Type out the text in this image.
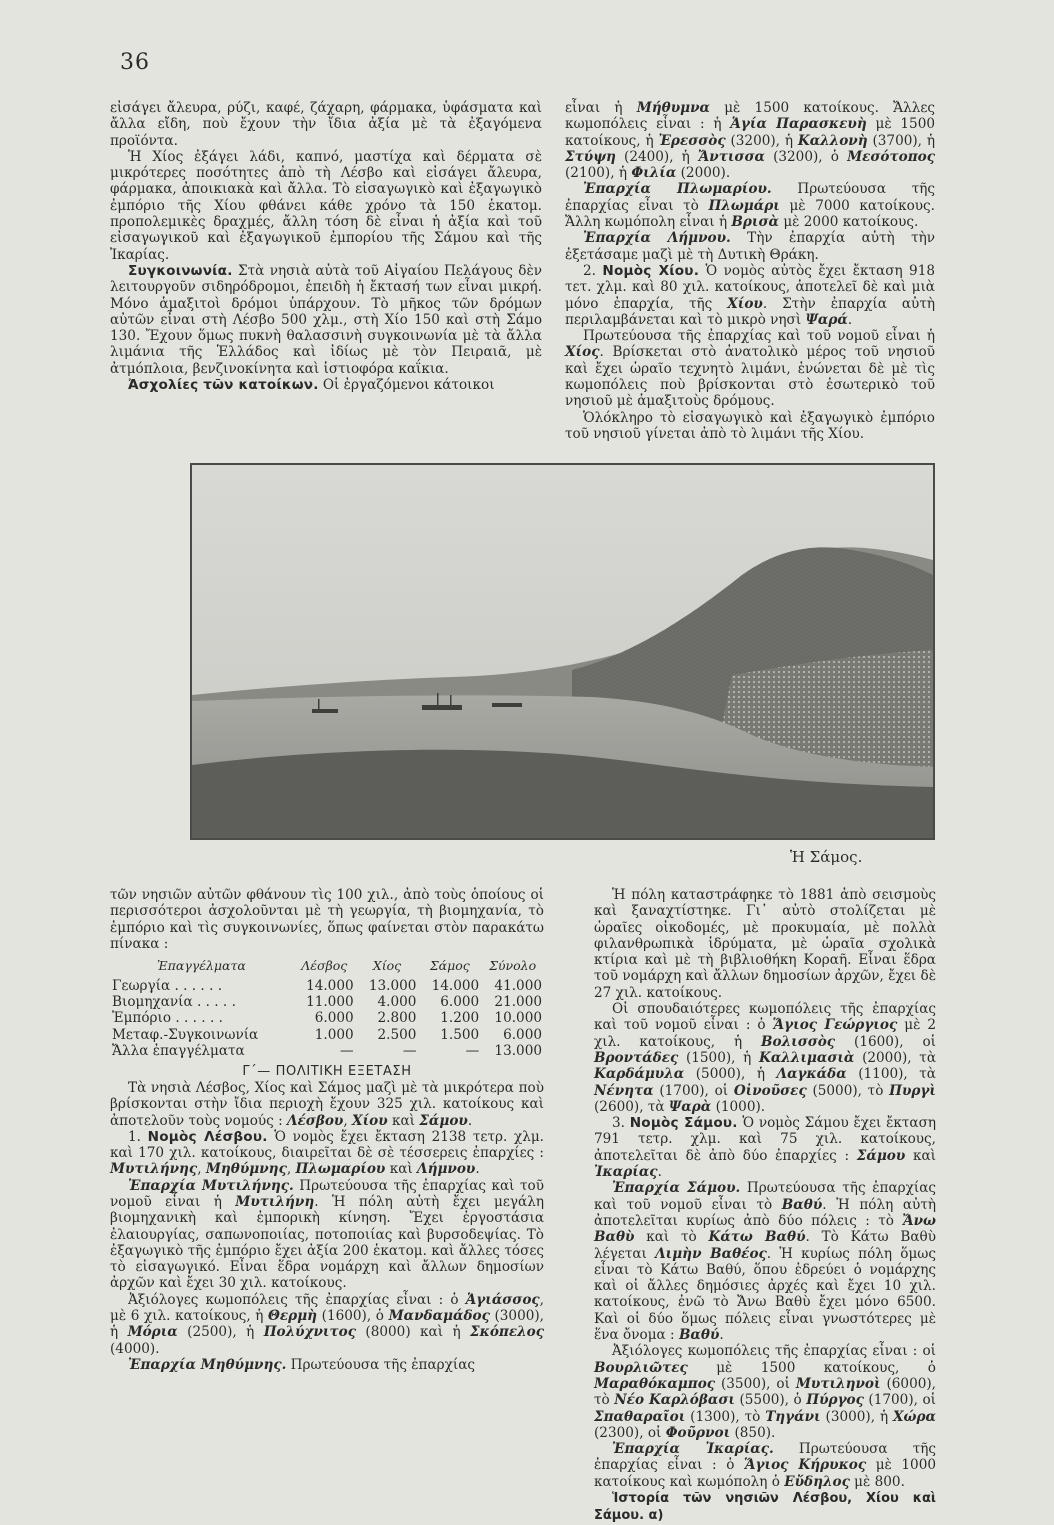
36

εἰσάγει ἄλευρα, ρύζι, καφέ, ζάχαρη, φάρμακα, ὑφάσματα καὶ ἄλλα εἴδη, ποὺ ἔχουν τὴν ἴδια ἀξία μὲ τὰ ἐξαγόμενα προϊόντα.

Ἡ Χίος ἐξάγει λάδι, καπνό, μαστίχα καὶ δέρματα σὲ μικρότερες ποσότητες ἀπὸ τὴ Λέσβο καὶ εἰσάγει ἄλευρα, φάρμακα, ἀποικιακὰ καὶ ἄλλα. Τὸ εἰσαγωγικὸ καὶ ἐξαγωγικὸ ἐμπόριο τῆς Χίου φθάνει κάθε χρόνο τὰ 150 ἑκατομ. προπολεμικὲς δραχμές, ἄλλη τόση δὲ εἶναι ἡ ἀξία καὶ τοῦ εἰσαγωγικοῦ καὶ ἐξαγωγικοῦ ἐμπορίου τῆς Σάμου καὶ τῆς Ἰκαρίας.

Συγκοινωνία. Στὰ νησιὰ αὐτὰ τοῦ Αἰγαίου Πελάγους δὲν λειτουργοῦν σιδηρόδρομοι, ἐπειδὴ ἡ ἔκτασή των εἶναι μικρή. Μόνο ἁμαξιτοὶ δρόμοι ὑπάρχουν. Τὸ μῆκος τῶν δρόμων αὐτῶν εἶναι στὴ Λέσβο 500 χλμ., στὴ Χίο 150 καὶ στὴ Σάμο 130. Ἔχουν ὅμως πυκνὴ θαλασσινὴ συγκοινωνία μὲ τὰ ἄλλα λιμάνια τῆς Ἑλλάδος καὶ ἰδίως μὲ τὸν Πειραιᾶ, μὲ ἀτμόπλοια, βενζινοκίνητα καὶ ἱστιοφόρα καΐκια.

Ἀσχολίες τῶν κατοίκων. Οἱ ἐργαζόμενοι κάτοικοι

εἶναι ἡ Μήθυμνα μὲ 1500 κατοίκους. Ἄλλες κωμοπόλεις εἶναι : ἡ Ἁγία Παρασκευὴ μὲ 1500 κατοίκους, ἡ Ἐρεσσὸς (3200), ἡ Καλλονὴ (3700), ἡ Στύψη (2400), ἡ Ἄντισσα (3200), ὁ Μεσότοπος (2100), ἡ Φιλία (2000).

Ἐπαρχία Πλωμαρίου. Πρωτεύουσα τῆς ἐπαρχίας εἶναι τὸ Πλωμάρι μὲ 7000 κατοίκους. Ἄλλη κωμόπολη εἶναι ἡ Βρισὰ μὲ 2000 κατοίκους.

Ἐπαρχία Λήμνου. Τὴν ἐπαρχία αὐτὴ τὴν ἐξετάσαμε μαζὶ μὲ τὴ Δυτικὴ Θράκη.

2. Νομὸς Χίου. Ὁ νομὸς αὐτὸς ἔχει ἔκταση 918 τετ. χλμ. καὶ 80 χιλ. κατοίκους, ἀποτελεῖ δὲ καὶ μιὰ μόνο ἐπαρχία, τῆς Χίου. Στὴν ἐπαρχία αὐτὴ περιλαμβάνεται καὶ τὸ μικρὸ νησὶ Ψαρά.

Πρωτεύουσα τῆς ἐπαρχίας καὶ τοῦ νομοῦ εἶναι ἡ Χίος. Βρίσκεται στὸ ἀνατολικὸ μέρος τοῦ νησιοῦ καὶ ἔχει ὡραῖο τεχνητὸ λιμάνι, ἑνώνεται δὲ μὲ τὶς κωμοπόλεις ποὺ βρίσκονται στὸ ἐσωτερικὸ τοῦ νησιοῦ μὲ ἁμαξιτοὺς δρόμους.

Ὁλόκληρο τὸ εἰσαγωγικὸ καὶ ἐξαγωγικὸ ἐμπόριο τοῦ νησιοῦ γίνεται ἀπὸ τὸ λιμάνι τῆς Χίου.

Ἡ Σάμος.

τῶν νησιῶν αὐτῶν φθάνουν τὶς 100 χιλ., ἀπὸ τοὺς ὁποίους οἱ περισσότεροι ἀσχολοῦνται μὲ τὴ γεωργία, τὴ βιομηχανία, τὸ ἐμπόριο καὶ τὶς συγκοινωνίες, ὅπως φαίνεται στὸν παρακάτω πίνακα :

Ἐπαγγέλματα	Λέσβος	Χίος	Σάμος	Σύνολο
Γεωργία . . . . . .	14.000	13.000	14.000	41.000
Βιομηχανία . . . . .	11.000	4.000	6.000	21.000
Ἐμπόριο . . . . . .	6.000	2.800	1.200	10.000
Μεταφ.-Συγκοινωνία	1.000	2.500	1.500	6.000
Ἄλλα ἐπαγγέλματα	—	—	—	13.000

Γ΄— ΠΟΛΙΤΙΚΗ ΕΞΕΤΑΣΗ

Τὰ νησιὰ Λέσβος, Χίος καὶ Σάμος μαζὶ μὲ τὰ μικρότερα ποὺ βρίσκονται στὴν ἴδια περιοχὴ ἔχουν 325 χιλ. κατοίκους καὶ ἀποτελοῦν τοὺς νομούς : Λέσβου, Χίου καὶ Σάμου.

1. Νομὸς Λέσβου. Ὁ νομὸς ἔχει ἔκταση 2138 τετρ. χλμ. καὶ 170 χιλ. κατοίκους, διαιρεῖται δὲ σὲ τέσσερεις ἐπαρχίες : Μυτιλήνης, Μηθύμνης, Πλωμαρίου καὶ Λήμνου.

Ἐπαρχία Μυτιλήνης. Πρωτεύουσα τῆς ἐπαρχίας καὶ τοῦ νομοῦ εἶναι ἡ Μυτιλήνη. Ἡ πόλη αὐτὴ ἔχει μεγάλη βιομηχανικὴ καὶ ἐμπορικὴ κίνηση. Ἔχει ἐργοστάσια ἐλαιουργίας, σαπωνοποιίας, ποτοποιίας καὶ βυρσοδεψίας. Τὸ ἐξαγωγικὸ τῆς ἐμπόριο ἔχει ἀξία 200 ἑκατομ. καὶ ἄλλες τόσες τὸ εἰσαγωγικό. Εἶναι ἕδρα νομάρχη καὶ ἄλλων δημοσίων ἀρχῶν καὶ ἔχει 30 χιλ. κατοίκους.

Ἀξιόλογες κωμοπόλεις τῆς ἐπαρχίας εἶναι : ὁ Ἁγιάσσος, μὲ 6 χιλ. κατοίκους, ἡ Θερμὴ (1600), ὁ Μανδαμάδος (3000), ἡ Μόρια (2500), ἡ Πολύχνιτος (8000) καὶ ἡ Σκόπελος (4000).

Ἐπαρχία Μηθύμνης. Πρωτεύουσα τῆς ἐπαρχίας

Ἡ πόλη καταστράφηκε τὸ 1881 ἀπὸ σεισμοὺς καὶ ξαναχτίστηκε. Γι᾽ αὐτὸ στολίζεται μὲ ὡραῖες οἰκοδομές, μὲ προκυμαία, μὲ πολλὰ φιλανθρωπικὰ ἱδρύματα, μὲ ὡραῖα σχολικὰ κτίρια καὶ μὲ τὴ βιβλιοθήκη Κοραῆ. Εἶναι ἕδρα τοῦ νομάρχη καὶ ἄλλων δημοσίων ἀρχῶν, ἔχει δὲ 27 χιλ. κατοίκους.

Οἱ σπουδαιότερες κωμοπόλεις τῆς ἐπαρχίας καὶ τοῦ νομοῦ εἶναι : ὁ Ἅγιος Γεώργιος μὲ 2 χιλ. κατοίκους, ἡ Βολισσὸς (1600), οἱ Βροντάδες (1500), ἡ Καλλιμασιὰ (2000), τὰ Καρδάμυλα (5000), ἡ Λαγκάδα (1100), τὰ Νένητα (1700), οἱ Οἰνοῦσες (5000), τὸ Πυργὶ (2600), τὰ Ψαρὰ (1000).

3. Νομὸς Σάμου. Ὁ νομὸς Σάμου ἔχει ἔκταση 791 τετρ. χλμ. καὶ 75 χιλ. κατοίκους, ἀποτελεῖται δὲ ἀπὸ δύο ἐπαρχίες : Σάμου καὶ Ἰκαρίας.

Ἐπαρχία Σάμου. Πρωτεύουσα τῆς ἐπαρχίας καὶ τοῦ νομοῦ εἶναι τὸ Βαθύ. Ἡ πόλη αὐτὴ ἀποτελεῖται κυρίως ἀπὸ δύο πόλεις : τὸ Ἄνω Βαθὺ καὶ τὸ Κάτω Βαθύ. Τὸ Κάτω Βαθὺ λέγεται Λιμὴν Βαθέος. Ἡ κυρίως πόλη ὅμως εἶναι τὸ Κάτω Βαθύ, ὅπου ἑδρεύει ὁ νομάρχης καὶ οἱ ἄλλες δημόσιες ἀρχές καὶ ἔχει 10 χιλ. κατοίκους, ἐνῶ τὸ Ἄνω Βαθὺ ἔχει μόνο 6500. Καὶ οἱ δύο ὅμως πόλεις εἶναι γνωστότερες μὲ ἕνα ὄνομα : Βαθύ.

Ἀξιόλογες κωμοπόλεις τῆς ἐπαρχίας εἶναι : οἱ Βουρλιῶτες μὲ 1500 κατοίκους, ὁ Μαραθόκαμπος (3500), οἱ Μυτιληνοὶ (6000), τὸ Νέο Καρλόβασι (5500), ὁ Πύργος (1700), οἱ Σπαθαραῖοι (1300), τὸ Τηγάνι (3000), ἡ Χώρα (2300), οἱ Φοῦρνοι (850).

Ἐπαρχία Ἰκαρίας. Πρωτεύουσα τῆς ἐπαρχίας εἶναι : ὁ Ἅγιος Κήρυκος μὲ 1000 κατοίκους καὶ κωμόπολη ὁ Εὔδηλος μὲ 800.

Ἱστορία τῶν νησιῶν Λέσβου, Χίου καὶ Σάμου. α)
